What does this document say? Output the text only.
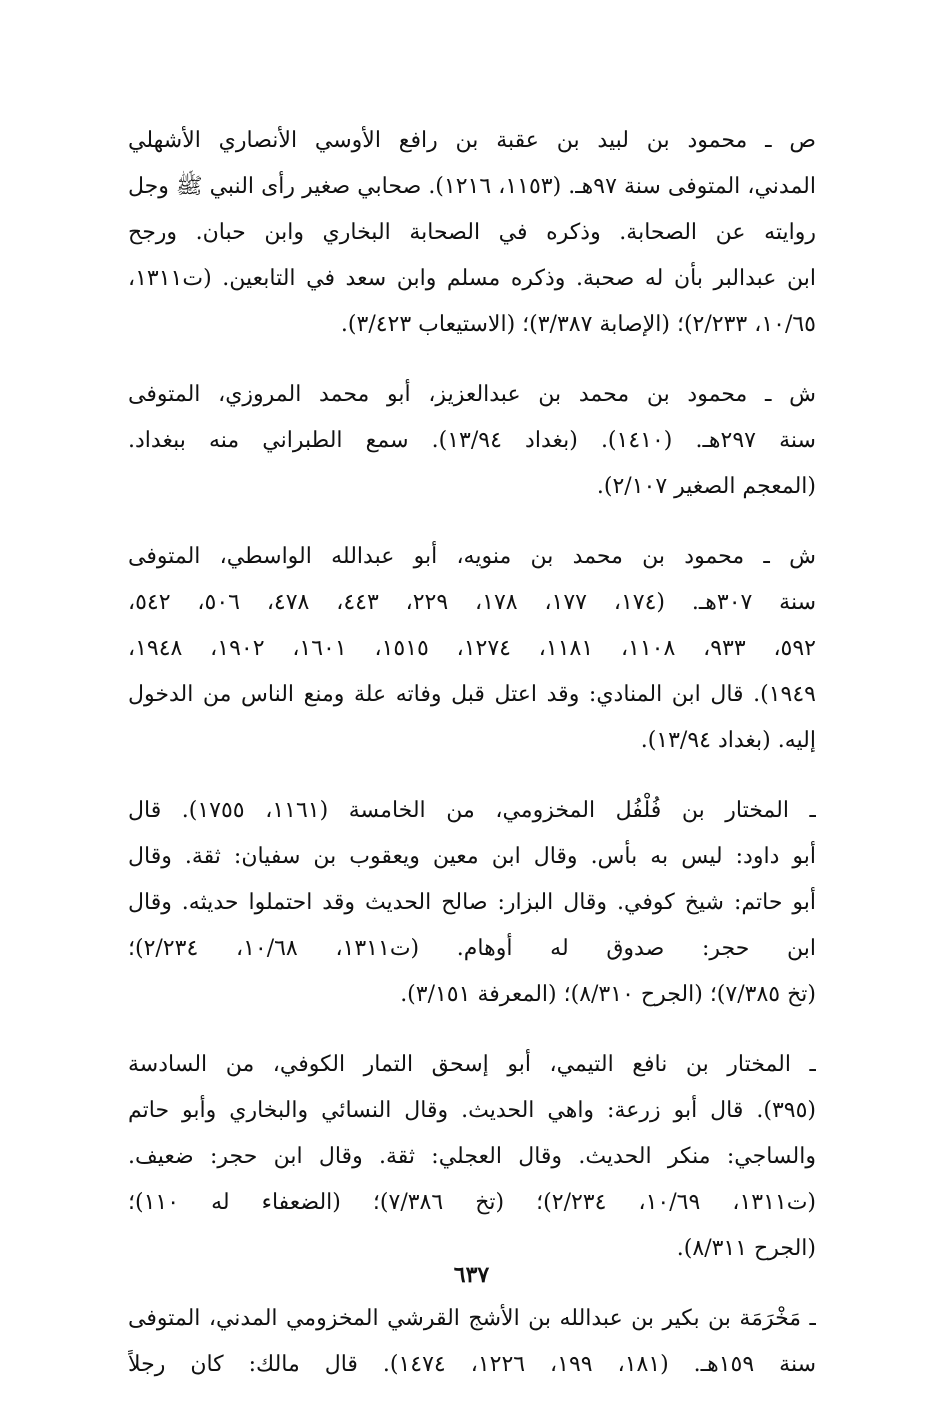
ص ـ محمود بن لبيد بن عقبة بن رافع الأوسي الأنصاري الأشهلي
المدني، المتوفى سنة ٩٧هـ. (١١٥٣، ١٢١٦). صحابي صغير رأى النبي ﷺ وجل
روايته عن الصحابة. وذكره في الصحابة البخاري وابن حبان. ورجح
ابن عبدالبر بأن له صحبة. وذكره مسلم وابن سعد في التابعين. (ت١٣١١،
١٠/٦٥، ٢/٢٣٣)؛ (الإصابة ٣/٣٨٧)؛ (الاستيعاب ٣/٤٢٣).
ش ـ محمود بن محمد بن عبدالعزيز، أبو محمد المروزي، المتوفى
سنة ٢٩٧هـ. (١٤١٠). (بغداد ١٣/٩٤). سمع الطبراني منه ببغداد.
(المعجم الصغير ٢/١٠٧).
ش ـ محمود بن محمد بن منويه، أبو عبدالله الواسطي، المتوفى
سنة ٣٠٧هـ. (١٧٤، ١٧٧، ١٧٨، ٢٢٩، ٤٤٣، ٤٧٨، ٥٠٦، ٥٤٢،
٥٩٢، ٩٣٣، ١١٠٨، ١١٨١، ١٢٧٤، ١٥١٥، ١٦٠١، ١٩٠٢، ١٩٤٨،
١٩٤٩). قال ابن المنادي: وقد اعتل قبل وفاته علة ومنع الناس من الدخول
إليه. (بغداد ١٣/٩٤).
ـ المختار بن فُلْفُل المخزومي، من الخامسة (١١٦١، ١٧٥٥). قال
أبو داود: ليس به بأس. وقال ابن معين ويعقوب بن سفيان: ثقة. وقال
أبو حاتم: شيخ كوفي. وقال البزار: صالح الحديث وقد احتملوا حديثه. وقال
ابن حجر: صدوق له أوهام. (ت١٣١١، ١٠/٦٨، ٢/٢٣٤)؛
(تخ ٧/٣٨٥)؛ (الجرح ٨/٣١٠)؛ (المعرفة ٣/١٥١).
ـ المختار بن نافع التيمي، أبو إسحق التمار الكوفي، من السادسة
(٣٩٥). قال أبو زرعة: واهي الحديث. وقال النسائي والبخاري وأبو حاتم
والساجي: منكر الحديث. وقال العجلي: ثقة. وقال ابن حجر: ضعيف.
(ت١٣١١، ١٠/٦٩، ٢/٢٣٤)؛ (تخ ٧/٣٨٦)؛ (الضعفاء له ١١٠)؛
(الجرح ٨/٣١١).
ـ مَخْرَمَة بن بكير بن عبدالله بن الأشج القرشي المخزومي المدني، المتوفى
سنة ١٥٩هـ. (١٨١، ١٩٩، ١٢٢٦، ١٤٧٤). قال مالك: كان رجلاً
٦٣٧
